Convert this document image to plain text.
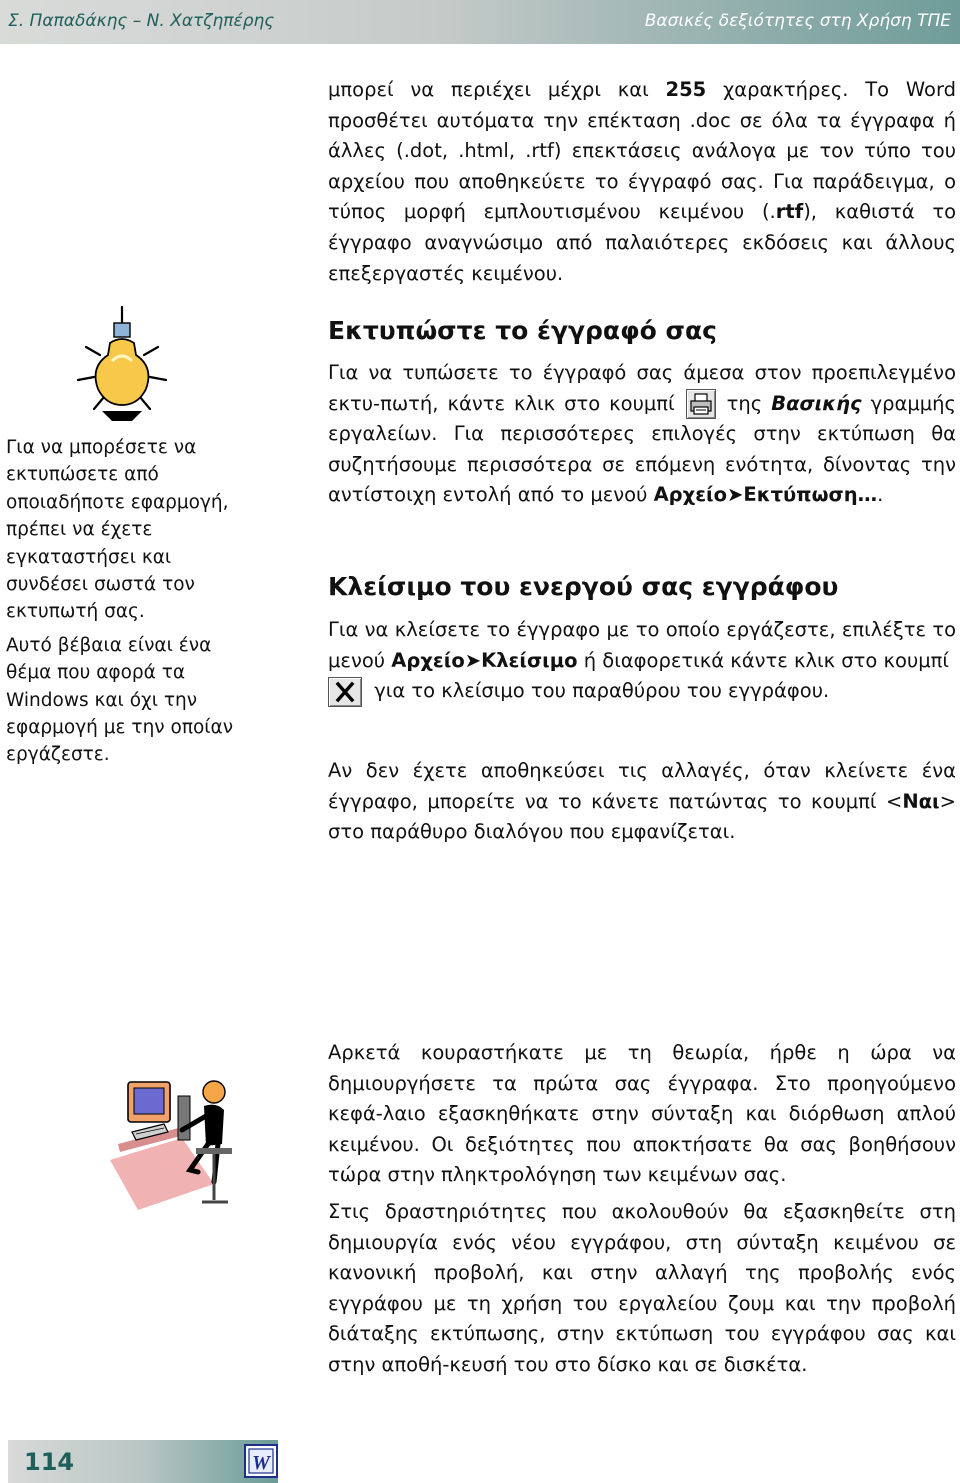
Σ. Παπαδάκης – Ν. Χατζηπέρης	Βασικές δεξιότητες στη Χρήση ΤΠΕ

μπορεί να περιέχει μέχρι και 255 χαρακτήρες. Το Word προσθέτει αυτόματα την επέκταση .doc σε όλα τα έγγραφα ή άλλες (.dot, .html, .rtf) επεκτάσεις ανάλογα με τον τύπο του αρχείου που αποθηκεύετε το έγγραφό σας. Για παράδειγμα, ο τύπος μορφή εμπλουτισμένου κειμένου (.rtf), καθιστά το έγγραφο αναγνώσιμο από παλαιότερες εκδόσεις και άλλους επεξεργαστές κειμένου.

Για να μπορέσετε να εκτυπώσετε από οποιαδήποτε εφαρμογή, πρέπει να έχετε εγκαταστήσει και συνδέσει σωστά τον εκτυπωτή σας.

Αυτό βέβαια είναι ένα θέμα που αφορά τα Windows και όχι την εφαρμογή με την οποίαν εργάζεστε.

Εκτυπώστε το έγγραφό σας

Για να τυπώσετε το έγγραφό σας άμεσα στον προεπιλεγμένο εκτυ-πωτή, κάντε κλικ στο κουμπί  της Βασικής γραμμής εργαλείων. Για περισσότερες επιλογές στην εκτύπωση θα συζητήσουμε περισσότερα σε επόμενη ενότητα, δίνοντας την αντίστοιχη εντολή από το μενού Αρχείο➤Εκτύπωση….

Κλείσιμο του ενεργού σας εγγράφου

Για να κλείσετε το έγγραφο με το οποίο εργάζεστε, επιλέξτε το μενού Αρχείο➤Κλείσιμο ή διαφορετικά κάντε κλικ στο κουμπί
για το κλείσιμο του παραθύρου του εγγράφου.

Αν δεν έχετε αποθηκεύσει τις αλλαγές, όταν κλείνετε ένα έγγραφο, μπορείτε να το κάνετε πατώντας το κουμπί <Ναι> στο παράθυρο διαλόγου που εμφανίζεται.

Αρκετά κουραστήκατε με τη θεωρία, ήρθε η ώρα να δημιουργήσετε τα πρώτα σας έγγραφα. Στο προηγούμενο κεφά-λαιο εξασκηθήκατε στην σύνταξη και διόρθωση απλού κειμένου. Οι δεξιότητες που αποκτήσατε θα σας βοηθήσουν τώρα στην πληκτρολόγηση των κειμένων σας.

Στις δραστηριότητες που ακολουθούν θα εξασκηθείτε στη δημιουργία ενός νέου εγγράφου, στη σύνταξη κειμένου σε κανονική προβολή, και στην αλλαγή της προβολής ενός εγγράφου με τη χρήση του εργαλείου ζουμ και την προβολή διάταξης εκτύπωσης, στην εκτύπωση του εγγράφου σας και στην αποθή-κευσή του στο δίσκο και σε δισκέτα.

114	W
